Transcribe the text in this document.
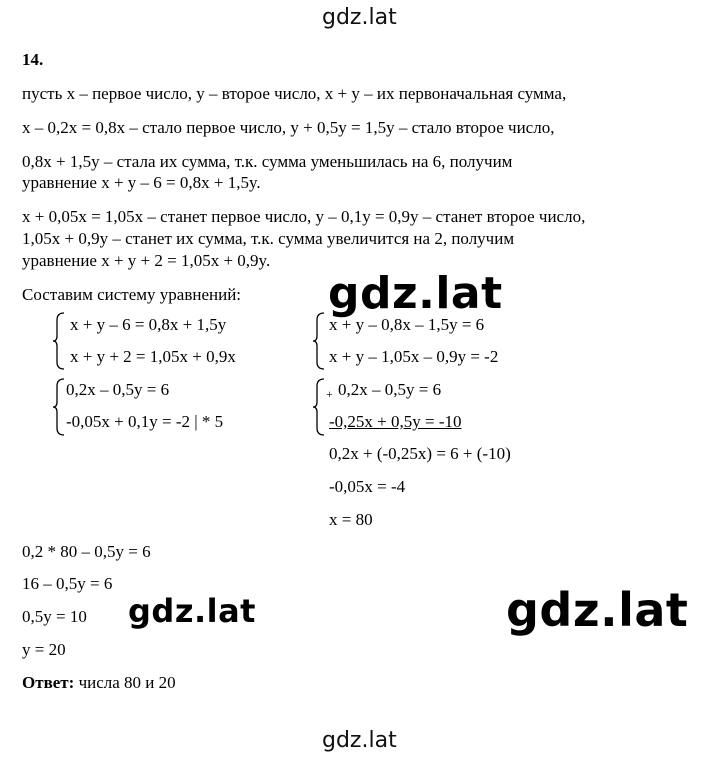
gdz.lat
gdz.lat
gdz.lat	gdz.lat
gdz.lat
14.
пусть x – первое число, y – второе число, x + y – их первоначальная сумма,
x – 0,2x = 0,8x – стало первое число, y + 0,5y = 1,5y – стало второе число,
0,8x + 1,5y – стала их сумма, т.к. сумма уменьшилась на 6, получим
уравнение x + y – 6 = 0,8x + 1,5y.
x + 0,05x = 1,05x – станет первое число, y – 0,1y = 0,9y – станет второе число,
1,05x + 0,9y – станет их сумма, т.к. сумма увеличится на 2, получим
уравнение x + y + 2 = 1,05x + 0,9y.
Составим систему уравнений:
x + y – 6 = 0,8x + 1,5y
x + y + 2 = 1,05x + 0,9x
x + y – 0,8x – 1,5y = 6
x + y – 1,05x – 0,9y = -2
0,2x – 0,5y = 6
-0,05x + 0,1y = -2 | * 5
+ 0,2x – 0,5y = 6
-0,25x + 0,5y = -10
0,2x + (-0,25x) = 6 + (-10)
-0,05x = -4
x = 80
0,2 * 80 – 0,5y = 6
16 – 0,5y = 6
0,5y = 10
y = 20
Ответ: числа 80 и 20
